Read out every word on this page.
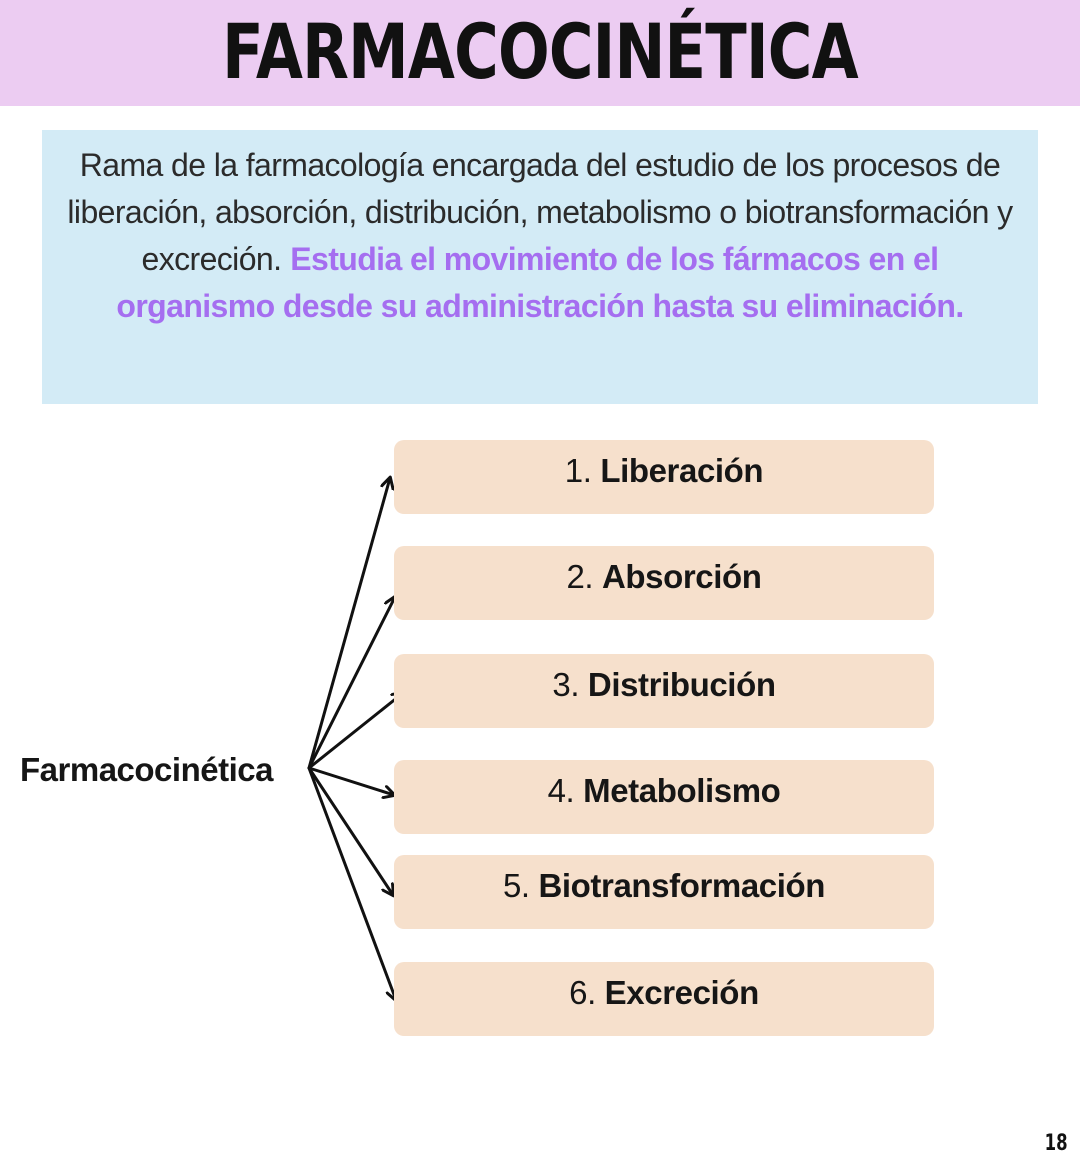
FARMACOCINÉTICA
Rama de la farmacología encargada del estudio de los procesos de liberación, absorción, distribución, metabolismo o biotransformación y excreción. Estudia el movimiento de los fármacos en el organismo desde su administración hasta su eliminación.
Farmacocinética
1. Liberación
2. Absorción
3. Distribución
4. Metabolismo
5. Biotransformación
6. Excreción
18
